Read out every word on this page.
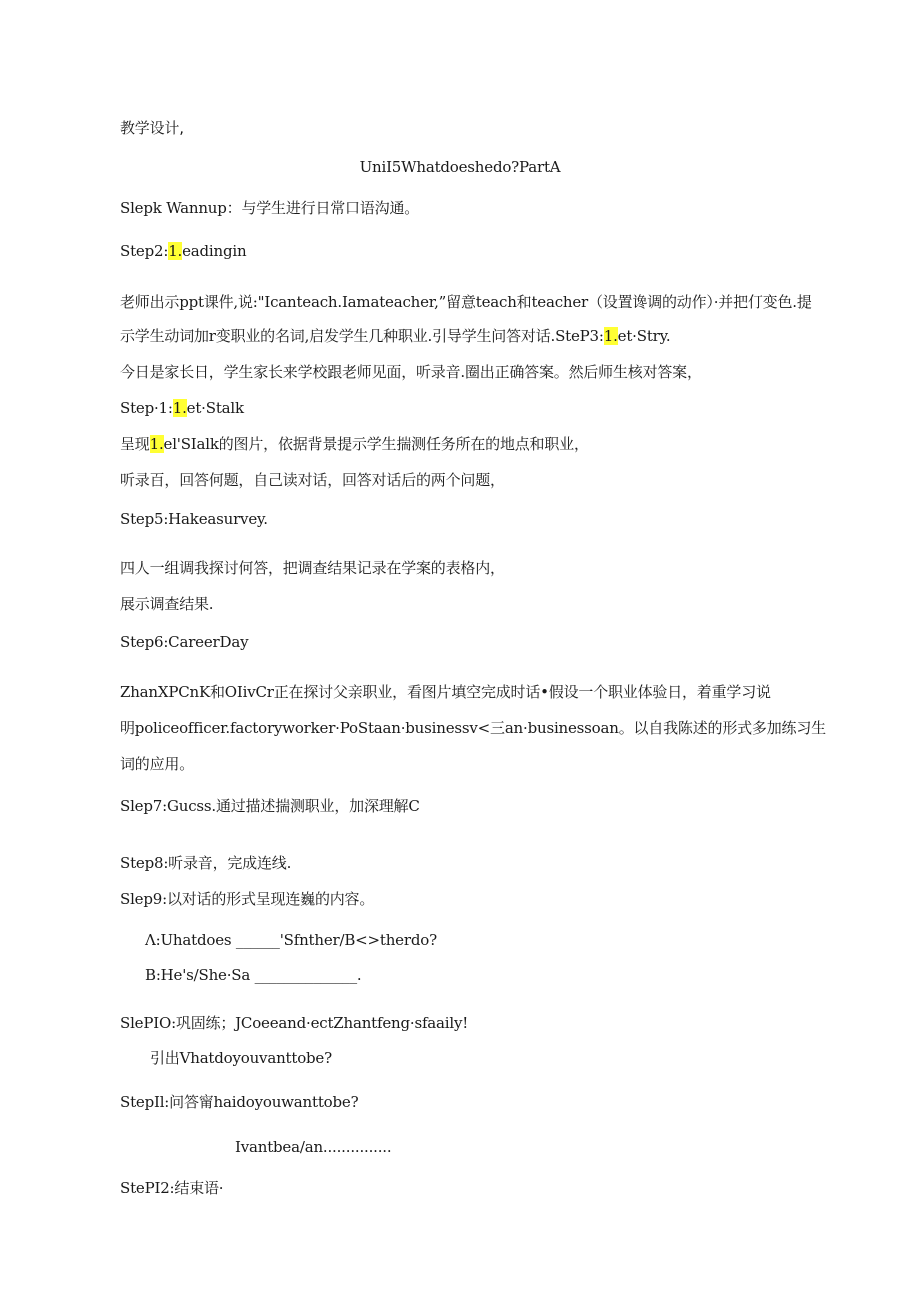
教学设计,
UniI5Whatdoeshedo?PartA
Slepk Wannup：与学生进行日常口语沟通。
Step2:1.eadingin
老师出示ppt课件,说:"Icanteach.Iamateacher,”留意teach和teacher（设置谗调的动作）·并把仃变色.提
示学生动词加r变职业的名词,启发学生几种职业.引导学生问答对话.SteP3:1.et·Stry.
今日是家长日，学生家长来学校跟老师见面，听录音.圈出正确答案。然后师生核对答案，
Step·1:1.et·Stalk
呈现1.el'SIalk的图片，依据背景提示学生揣测任务所在的地点和职业，
听录百，回答何题，自己读对话，回答对话后的两个问题，
Step5:Hakeasurvey.
四人一组调我探讨何答，把调查结果记录在学案的表格内，
展示调查结果.
Step6:CareerDay
ZhanXPCnK和OIivCr正在探讨父亲职业，看图片填空完成时话•假设一个职业体验日，着重学习说
明policeofficer.factoryworker·PoStaan·businessv<三an·businessoan。以自我陈述的形式多加练习生
词的应用。
Slep7:Gucss.通过描述揣测职业，加深理解C
Step8:听录音，完成连线.
Slep9:以对话的形式呈现连巍的内容。
Λ:Uhatdoes ______'Sfnther/B<>therdo?
B:He's/She·Sa ______________.
SlePIO:巩固练；JCoeeand·ectZhantfeng·sfaaily!
引出Vhatdoyouvanttobe?
StepIl:问答甯haidoyouwanttobe?
Ivantbea/an...............
StePI2:结束语·
